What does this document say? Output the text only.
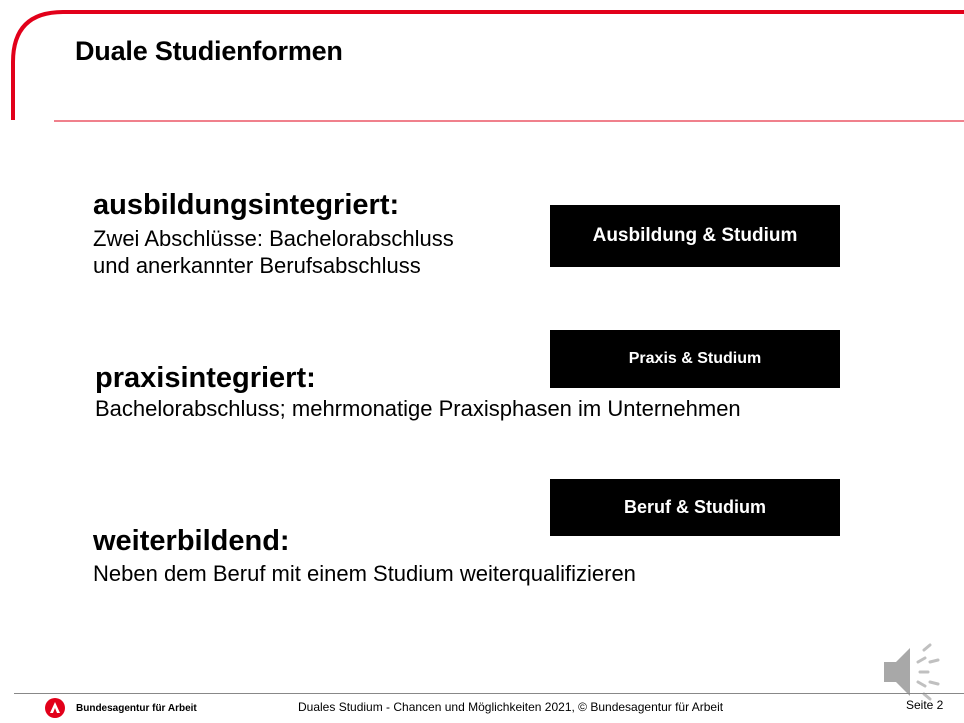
Duale Studienformen
ausbildungsintegriert:
Zwei Abschlüsse: Bachelorabschluss
und anerkannter Berufsabschluss
Ausbildung & Studium
Praxis & Studium
praxisintegriert:
Bachelorabschluss; mehrmonatige Praxisphasen im Unternehmen
Beruf & Studium
weiterbildend:
Neben dem Beruf mit einem Studium weiterqualifizieren
Bundesagentur für Arbeit	Duales Studium - Chancen und Möglichkeiten 2021, © Bundesagentur für Arbeit	Seite 2
